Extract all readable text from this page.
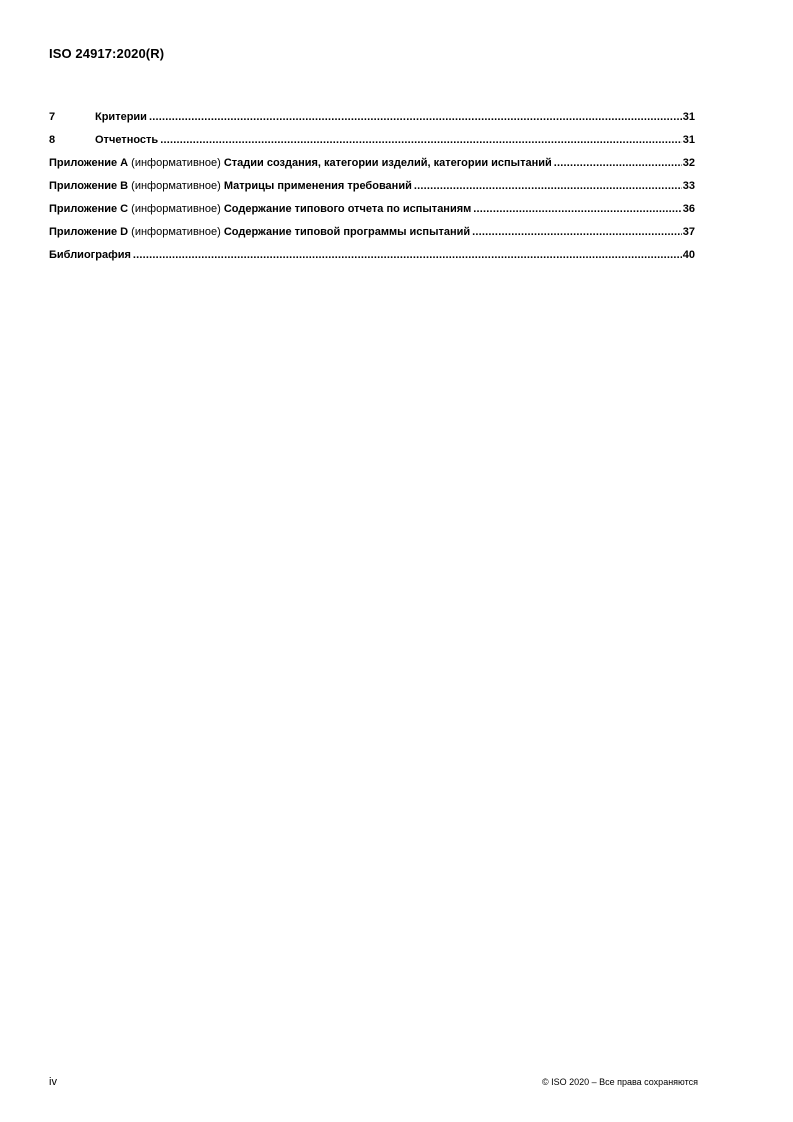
ISO 24917:2020(R)
7	Критерии .....	31
8	Отчетность .....	31
Приложение A (информативное) Стадии создания, категории изделий, категории испытаний .....	32
Приложение B (информативное) Матрицы применения требований .....	33
Приложение C (информативное) Содержание типового отчета по испытаниям .....	36
Приложение D (информативное) Содержание типовой программы испытаний .....	37
Библиография .....	40
iv	© ISO 2020 – Все права сохраняются
